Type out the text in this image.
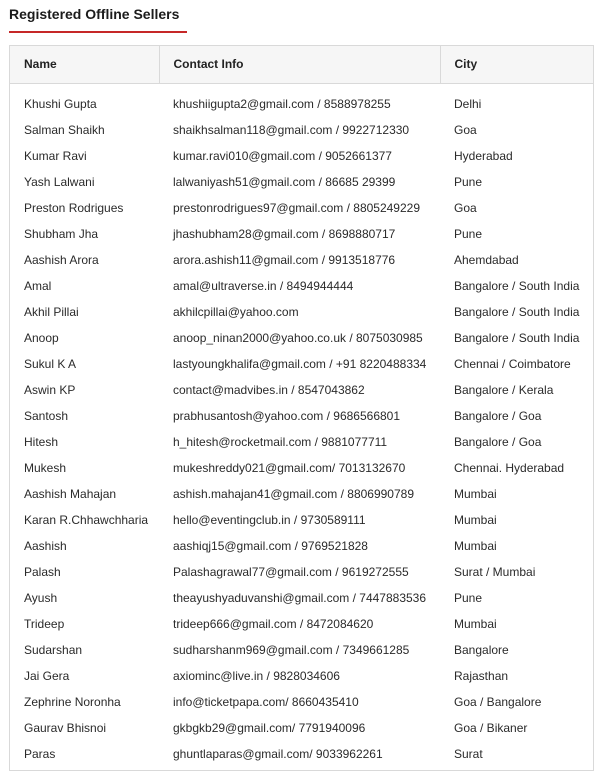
Registered Offline Sellers
Name	Contact Info	City
Khushi Gupta	khushiigupta2@gmail.com / 8588978255	Delhi
Salman Shaikh	shaikhsalman118@gmail.com / 9922712330	Goa
Kumar Ravi	kumar.ravi010@gmail.com / 9052661377	Hyderabad
Yash Lalwani	lalwaniyash51@gmail.com / 86685 29399	Pune
Preston Rodrigues	prestonrodrigues97@gmail.com / 8805249229	Goa
Shubham Jha	jhashubham28@gmail.com / 8698880717	Pune
Aashish Arora	arora.ashish11@gmail.com / 9913518776	Ahemdabad
Amal	amal@ultraverse.in / 8494944444	Bangalore / South India
Akhil Pillai	akhilcpillai@yahoo.com	Bangalore / South India
Anoop	anoop_ninan2000@yahoo.co.uk / 8075030985	Bangalore / South India
Sukul K A	lastyoungkhalifa@gmail.com / +91 8220488334	Chennai / Coimbatore
Aswin KP	contact@madvibes.in / 8547043862	Bangalore / Kerala
Santosh	prabhusantosh@yahoo.com / 9686566801	Bangalore / Goa
Hitesh	h_hitesh@rocketmail.com / 9881077711	Bangalore / Goa
Mukesh	mukeshreddy021@gmail.com/ 7013132670	Chennai. Hyderabad
Aashish Mahajan	ashish.mahajan41@gmail.com / 8806990789	Mumbai
Karan R.Chhawchharia	hello@eventingclub.in / 9730589111	Mumbai
Aashish	aashiqj15@gmail.com / 9769521828	Mumbai
Palash	Palashagrawal77@gmail.com / 9619272555	Surat / Mumbai
Ayush	theayushyaduvanshi@gmail.com / 7447883536	Pune
Trideep	trideep666@gmail.com / 8472084620	Mumbai
Sudarshan	sudharshanm969@gmail.com / 7349661285	Bangalore
Jai Gera	axiominc@live.in / 9828034606	Rajasthan
Zephrine Noronha	info@ticketpapa.com/ 8660435410	Goa / Bangalore
Gaurav Bhisnoi	gkbgkb29@gmail.com/ 7791940096	Goa / Bikaner
Paras	ghuntlaparas@gmail.com/ 9033962261	Surat
